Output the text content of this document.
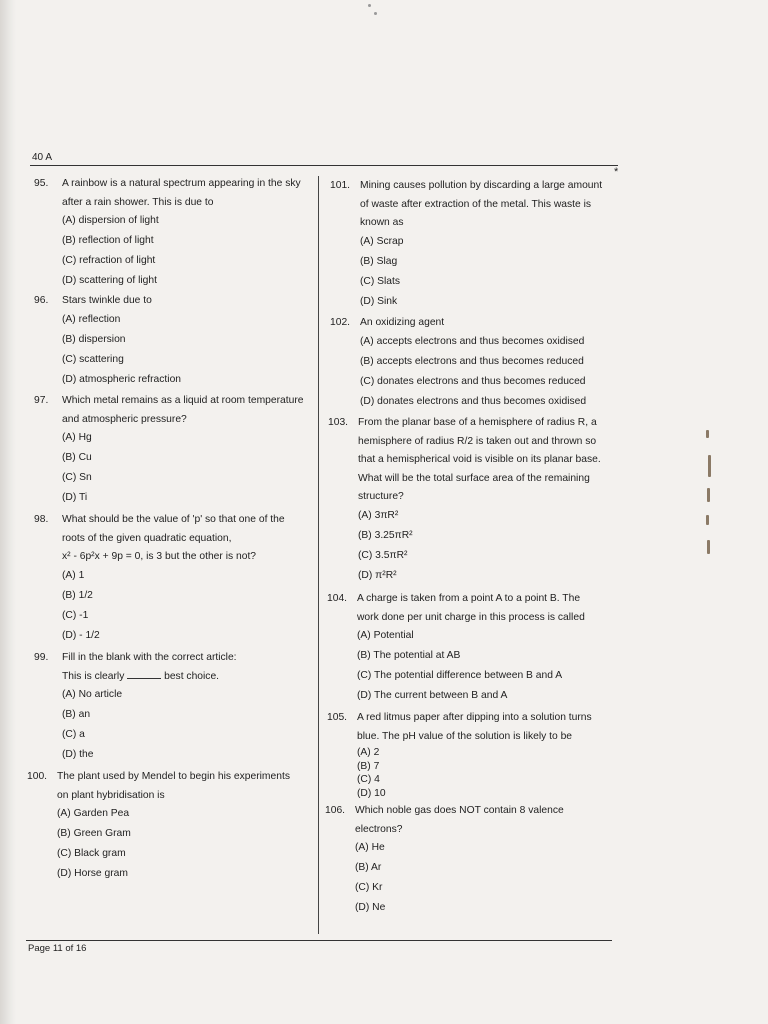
40 A
*
95.	A rainbow is a natural spectrum appearing in the sky
after a rain shower. This is due to
(A) dispersion of light
(B) reflection of light
(C) refraction of light
(D) scattering of light
96.	Stars twinkle due to
(A) reflection
(B) dispersion
(C) scattering
(D) atmospheric refraction
97.	Which metal remains as a liquid at room temperature
and atmospheric pressure?
(A) Hg
(B) Cu
(C) Sn
(D) Ti
98.	What should be the value of 'p' so that one of the
roots of the given quadratic equation,
x² - 6p²x + 9p = 0, is 3 but the other is not?
(A) 1
(B) 1/2
(C) -1
(D) - 1/2
99.	Fill in the blank with the correct article:
This is clearly	best choice.
(A) No article
(B) an
(C) a
(D) the
100. The plant used by Mendel to begin his experiments
on plant hybridisation is
(A) Garden Pea
(B) Green Gram
(C) Black gram
(D) Horse gram
101. Mining causes pollution by discarding a large amount
of waste after extraction of the metal. This waste is
known as
(A) Scrap
(B) Slag
(C) Slats
(D) Sink
102. An oxidizing agent
(A) accepts electrons and thus becomes oxidised
(B) accepts electrons and thus becomes reduced
(C) donates electrons and thus becomes reduced
(D) donates electrons and thus becomes oxidised
103. From the planar base of a hemisphere of radius R, a
hemisphere of radius R/2 is taken out and thrown so
that a hemispherical void is visible on its planar base.
What will be the total surface area of the remaining
structure?
(A) 3πR²
(B) 3.25πR²
(C) 3.5πR²
(D) π²R²
104. A charge is taken from a point A to a point B. The
work done per unit charge in this process is called
(A) Potential
(B) The potential at AB
(C) The potential difference between B and A
(D) The current between B and A
105. A red litmus paper after dipping into a solution turns
blue. The pH value of the solution is likely to be
(A) 2
(B) 7
(C) 4
(D) 10
106. Which noble gas does NOT contain 8 valence
electrons?
(A) He
(B) Ar
(C) Kr
(D) Ne
Page 11 of 16
